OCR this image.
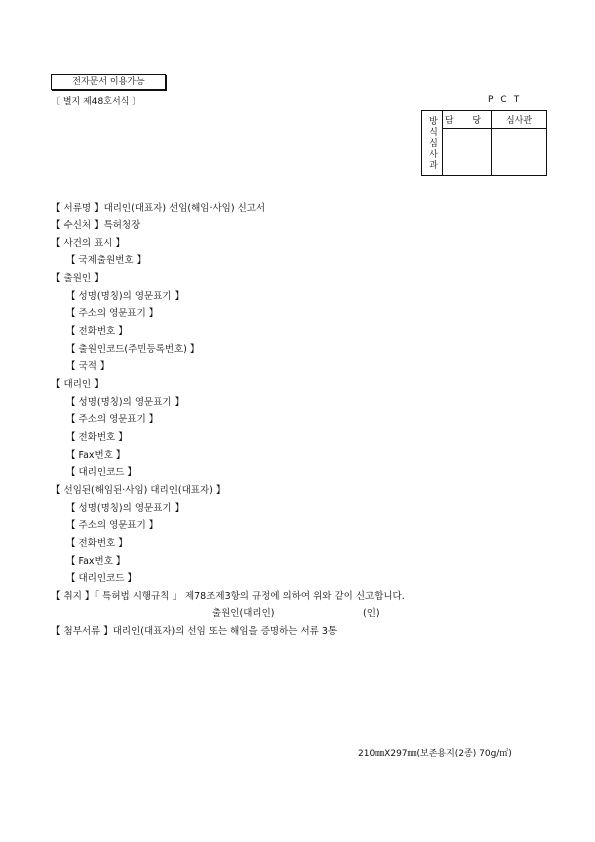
전자문서 이용가능
〔 별지 제48호서식 〕	PCT
방식심사과	담 당	심사관

【 서류명 】대리인(대표자) 선임(해임·사임) 신고서
【 수신처 】특허청장
【 사건의 표시 】
【 국제출원번호 】
【 출원인 】
【 성명(명칭)의 영문표기 】
【 주소의 영문표기 】
【 전화번호 】
【 출원인코드(주민등록번호) 】
【 국적 】
【 대리인 】
【 성명(명칭)의 영문표기 】
【 주소의 영문표기 】
【 전화번호 】
【 Fax번호 】
【 대리인코드 】
【 선임된(해임된·사임) 대리인(대표자) 】
【 성명(명칭)의 영문표기 】
【 주소의 영문표기 】
【 전화번호 】
【 Fax번호 】
【 대리인코드 】
【 취지 】「 특허법 시행규칙 」 제78조제3항의 규정에 의하여 위와 같이 신고합니다.
출원인(대리인)	(인)
【 첨부서류 】대리인(대표자)의 선임 또는 해임을 증명하는 서류 3통
210㎜X297㎜(보존용지(2종) 70g/㎡)
